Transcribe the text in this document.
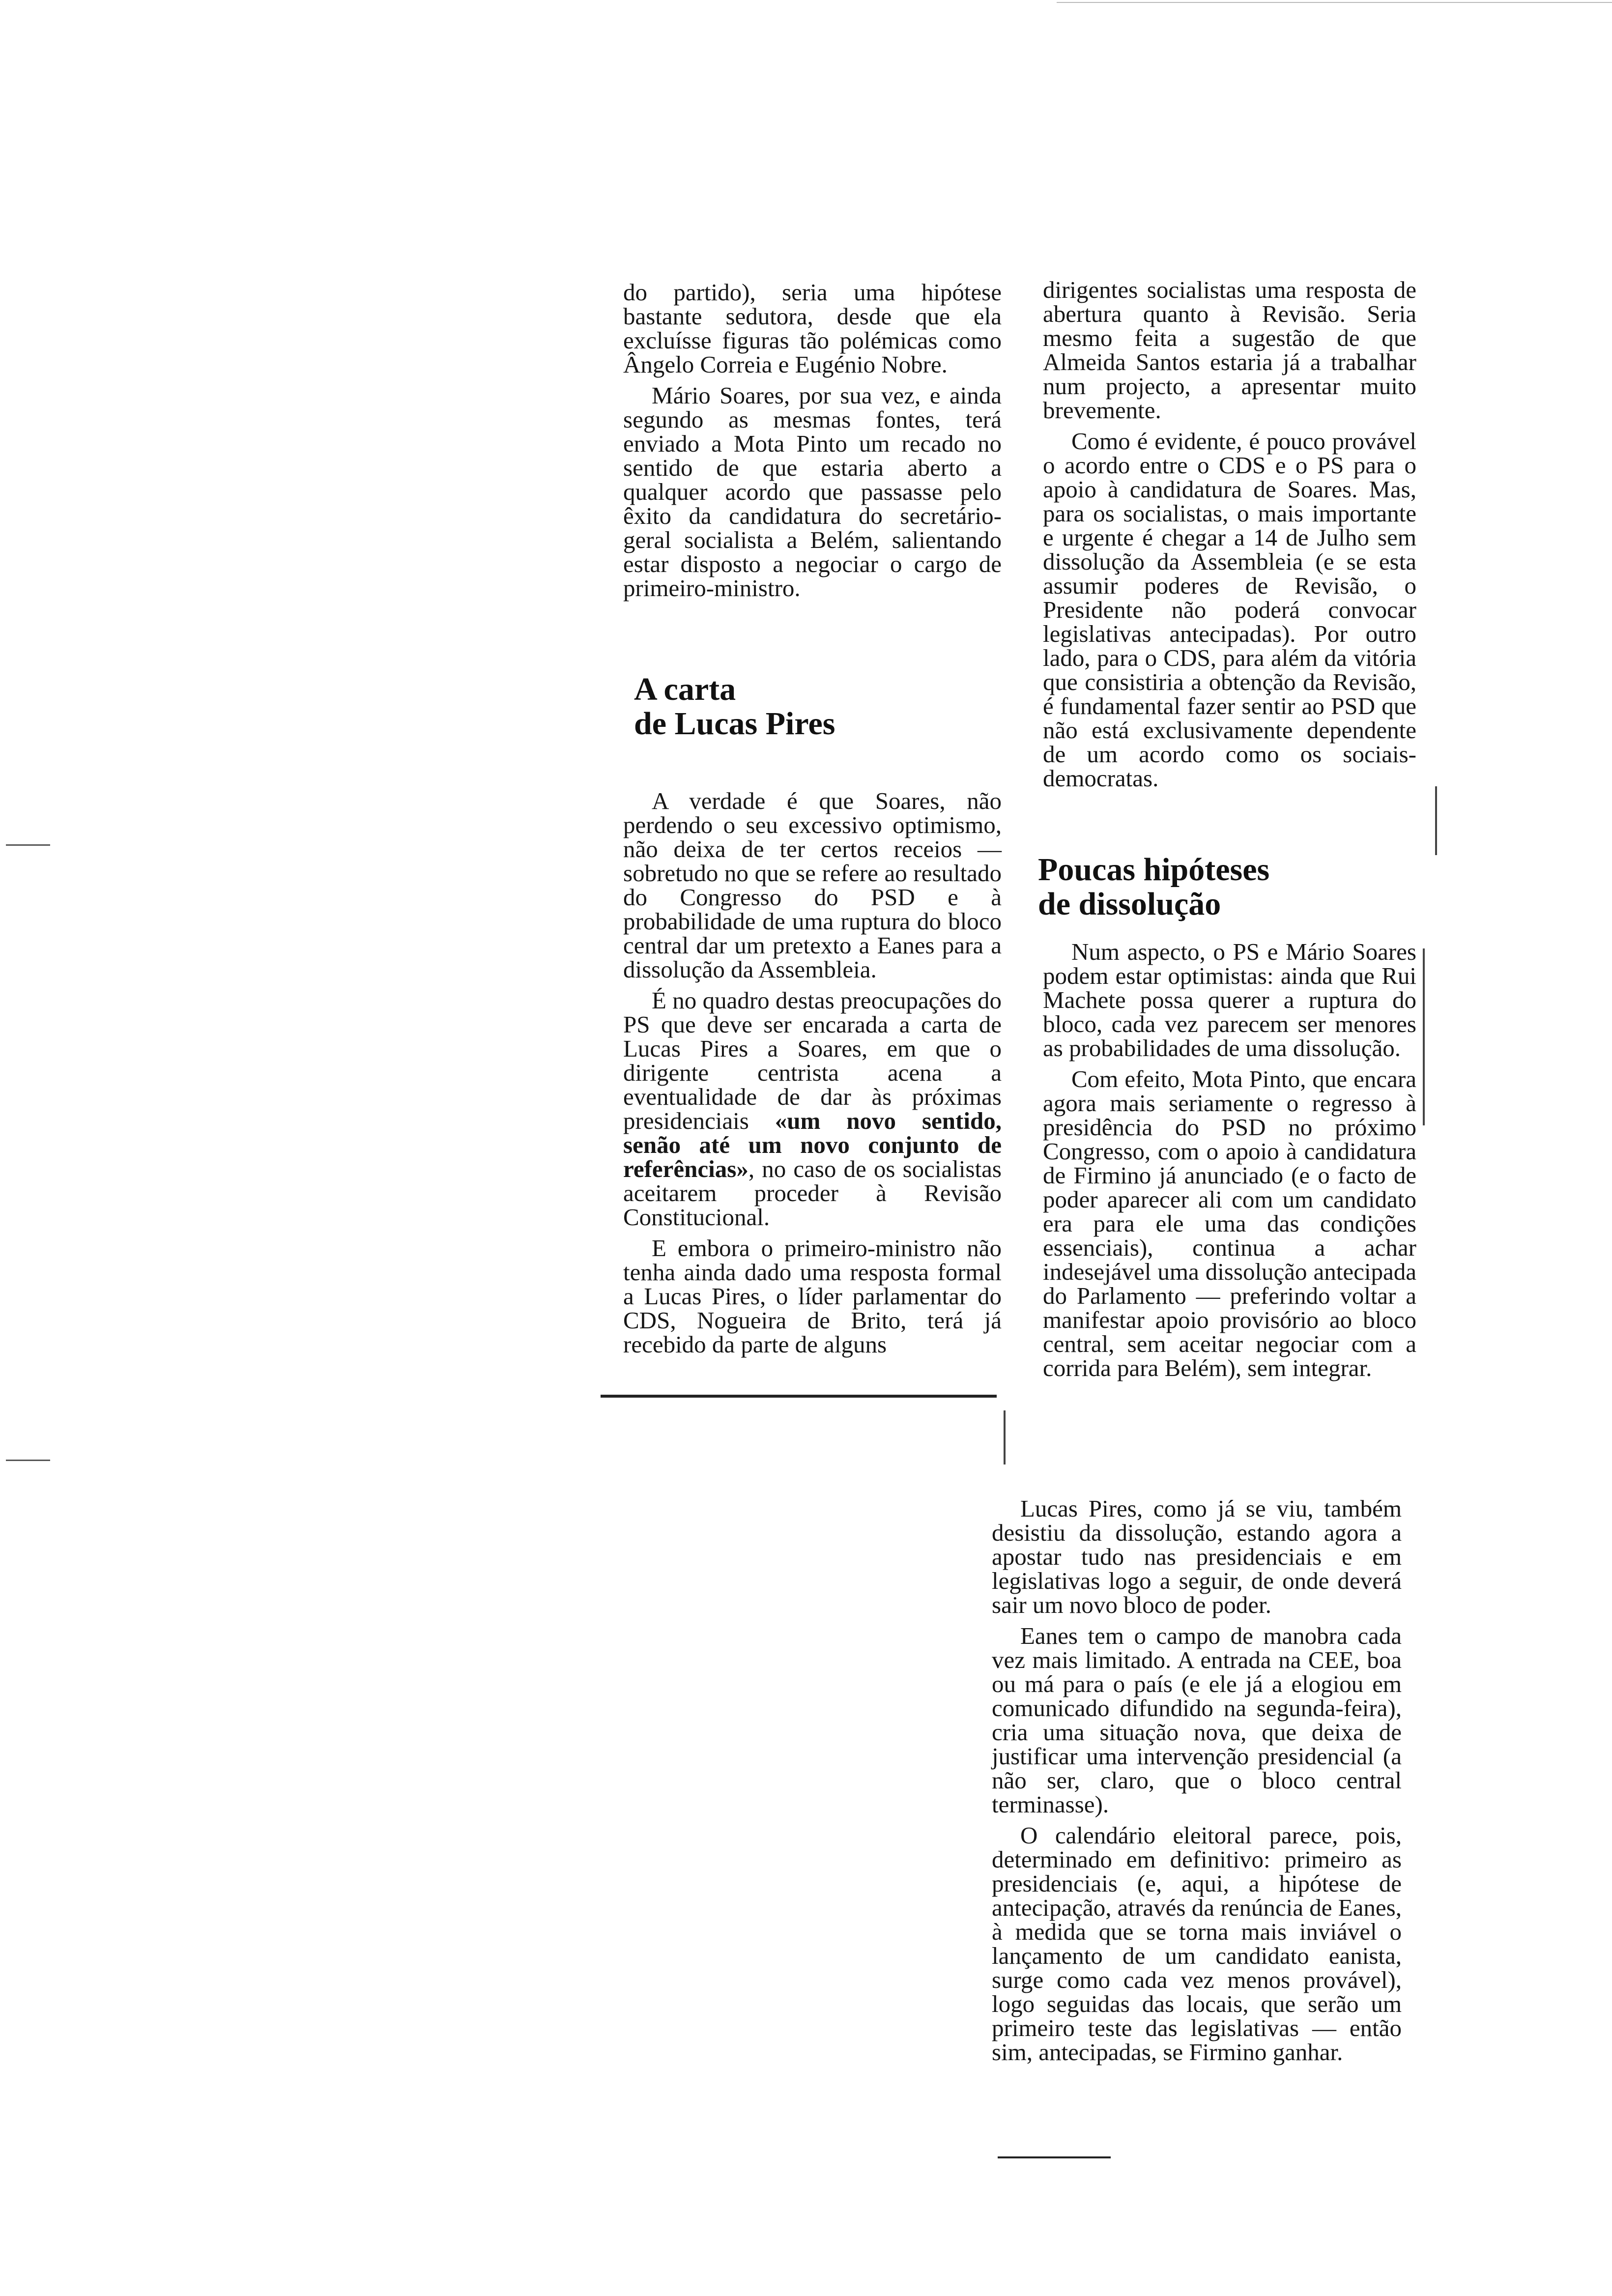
do partido), seria uma hipótese bastante sedutora, desde que ela excluísse figuras tão polémicas como Ângelo Correia e Eugénio Nobre.

Mário Soares, por sua vez, e ainda segundo as mesmas fontes, terá enviado a Mota Pinto um recado no sentido de que estaria aberto a qualquer acordo que passasse pelo êxito da candidatura do secretário-geral socialista a Belém, salientando estar disposto a negociar o cargo de primeiro-ministro.

A carta
de Lucas Pires

A verdade é que Soares, não perdendo o seu excessivo optimismo, não deixa de ter certos receios — sobretudo no que se refere ao resultado do Congresso do PSD e à probabilidade de uma ruptura do bloco central dar um pretexto a Eanes para a dissolução da Assembleia.

É no quadro destas preocupações do PS que deve ser encarada a carta de Lucas Pires a Soares, em que o dirigente centrista acena a eventualidade de dar às próximas presidenciais «um novo sentido, senão até um novo conjunto de referências», no caso de os socialistas aceitarem proceder à Revisão Constitucional.

E embora o primeiro-ministro não tenha ainda dado uma resposta formal a Lucas Pires, o líder parlamentar do CDS, Nogueira de Brito, terá já recebido da parte de alguns

dirigentes socialistas uma resposta de abertura quanto à Revisão. Seria mesmo feita a sugestão de que Almeida Santos estaria já a trabalhar num projecto, a apresentar muito brevemente.

Como é evidente, é pouco provável o acordo entre o CDS e o PS para o apoio à candidatura de Soares. Mas, para os socialistas, o mais importante e urgente é chegar a 14 de Julho sem dissolução da Assembleia (e se esta assumir poderes de Revisão, o Presidente não poderá convocar legislativas antecipadas). Por outro lado, para o CDS, para além da vitória que consistiria a obtenção da Revisão, é fundamental fazer sentir ao PSD que não está exclusivamente dependente de um acordo como os sociais-democratas.

Poucas hipóteses
de dissolução

Num aspecto, o PS e Mário Soares podem estar optimistas: ainda que Rui Machete possa querer a ruptura do bloco, cada vez parecem ser menores as probabilidades de uma dissolução.

Com efeito, Mota Pinto, que encara agora mais seriamente o regresso à presidência do PSD no próximo Congresso, com o apoio à candidatura de Firmino já anunciado (e o facto de poder aparecer ali com um candidato era para ele uma das condições essenciais), continua a achar indesejável uma dissolução antecipada do Parlamento — preferindo voltar a manifestar apoio provisório ao bloco central, sem aceitar negociar com a corrida para Belém), sem integrar.

Lucas Pires, como já se viu, também desistiu da dissolução, estando agora a apostar tudo nas presidenciais e em legislativas logo a seguir, de onde deverá sair um novo bloco de poder.

Eanes tem o campo de manobra cada vez mais limitado. A entrada na CEE, boa ou má para o país (e ele já a elogiou em comunicado difundido na segunda-feira), cria uma situação nova, que deixa de justificar uma intervenção presidencial (a não ser, claro, que o bloco central terminasse).

O calendário eleitoral parece, pois, determinado em definitivo: primeiro as presidenciais (e, aqui, a hipótese de antecipação, através da renúncia de Eanes, à medida que se torna mais inviável o lançamento de um candidato eanista, surge como cada vez menos provável), logo seguidas das locais, que serão um primeiro teste das legislativas — então sim, antecipadas, se Firmino ganhar.
